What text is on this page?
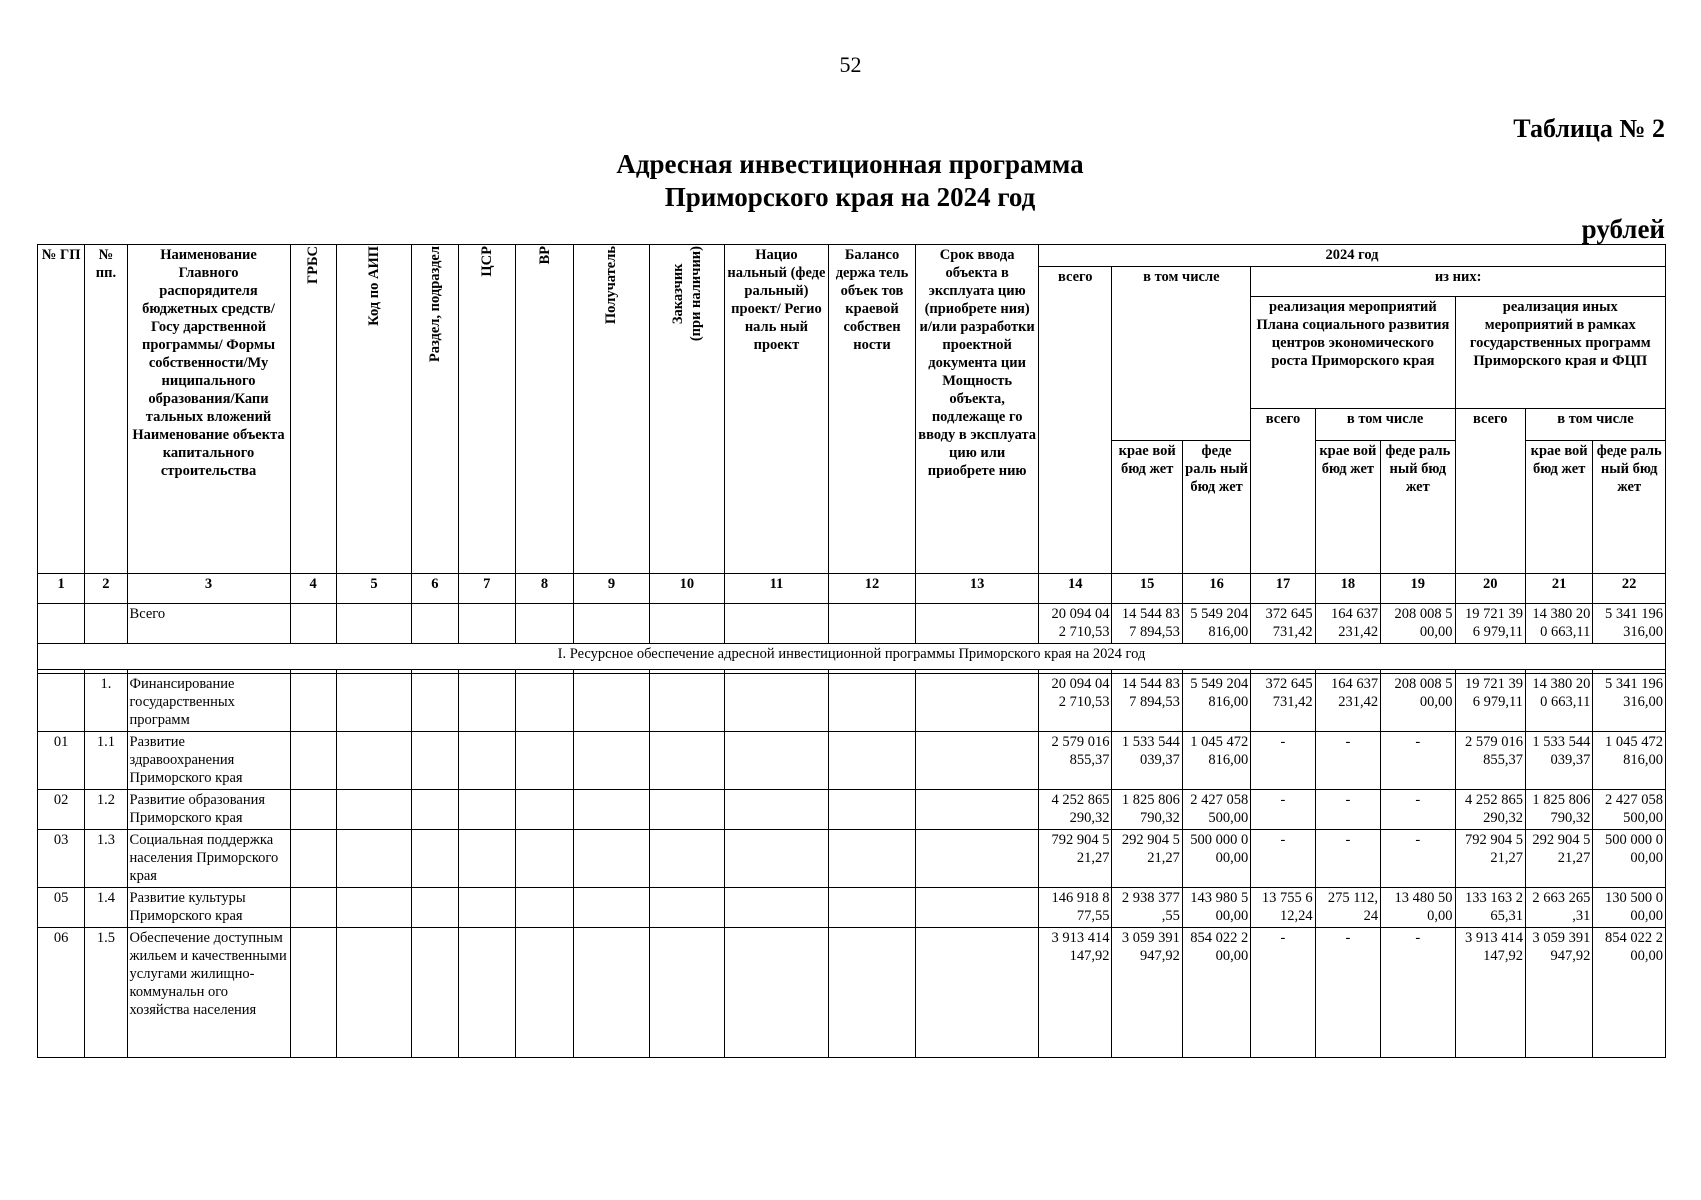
52
Таблица № 2
Адресная инвестиционная программа
Приморского края на 2024 год
рублей
№ ГП	№ пп.	Наименование Главного распорядителя бюджетных средств/Госу дарственной программы/ Формы собственности/Му ниципального образования/Капи тальных вложений Наименование объекта капитального строительства	ГРБС	Код по АИП	Раздел, подраздел	ЦСР	ВР	Получатель	Заказчик (при наличии)	Нацио нальный (феде ральный) проект/ Регио наль ный проект	Балансо держа тель объек тов краевой собствен ности	Срок ввода объекта в эксплуата цию (приобрете ния) и/или разработки проектной документа ции Мощность объекта, подлежаще го вводу в эксплуата цию или приобрете нию	2024 год								
													всего	в том числе		из них:					
																реализация мероприятий Плана социального развития центров экономического роста Приморского края			реализация иных мероприятий в рамках государственных программ Приморского края и ФЦП		
																всего	в том числе		всего	в том числе	
														крае вой бюд жет	феде раль ный бюд жет		крае вой бюд жет	феде раль ный бюд жет		крае вой бюд жет	феде раль ный бюд жет
1	2	3	4	5	6	7	8	9	10	11	12	13	14	15	16	17	18	19	20	21	22
		Всего											20 094 04 2 710,53	14 544 83 7 894,53	5 549 204 816,00	372 645 731,42	164 637 231,42	208 008 5 00,00	19 721 39 6 979,11	14 380 20 0 663,11	5 341 196 316,00
I. Ресурсное обеспечение адресной инвестиционной программы Приморского края на 2024 год																					

	1.	Финансирование государственных программ											20 094 04 2 710,53	14 544 83 7 894,53	5 549 204 816,00	372 645 731,42	164 637 231,42	208 008 5 00,00	19 721 39 6 979,11	14 380 20 0 663,11	5 341 196 316,00
01	1.1	Развитие здравоохранения Приморского края											2 579 016 855,37	1 533 544 039,37	1 045 472 816,00	-	-	-	2 579 016 855,37	1 533 544 039,37	1 045 472 816,00
02	1.2	Развитие образования Приморского края											4 252 865 290,32	1 825 806 790,32	2 427 058 500,00	-	-	-	4 252 865 290,32	1 825 806 790,32	2 427 058 500,00
03	1.3	Социальная поддержка населения Приморского края											792 904 5 21,27	292 904 5 21,27	500 000 0 00,00	-	-	-	792 904 5 21,27	292 904 5 21,27	500 000 0 00,00
05	1.4	Развитие культуры Приморского края											146 918 8 77,55	2 938 377 ,55	143 980 5 00,00	13 755 6 12,24	275 112, 24	13 480 50 0,00	133 163 2 65,31	2 663 265 ,31	130 500 0 00,00
06	1.5	Обеспечение доступным жильем и качественными услугами жилищно-коммунальн ого хозяйства населения											3 913 414 147,92	3 059 391 947,92	854 022 2 00,00	-	-	-	3 913 414 147,92	3 059 391 947,92	854 022 2 00,00
